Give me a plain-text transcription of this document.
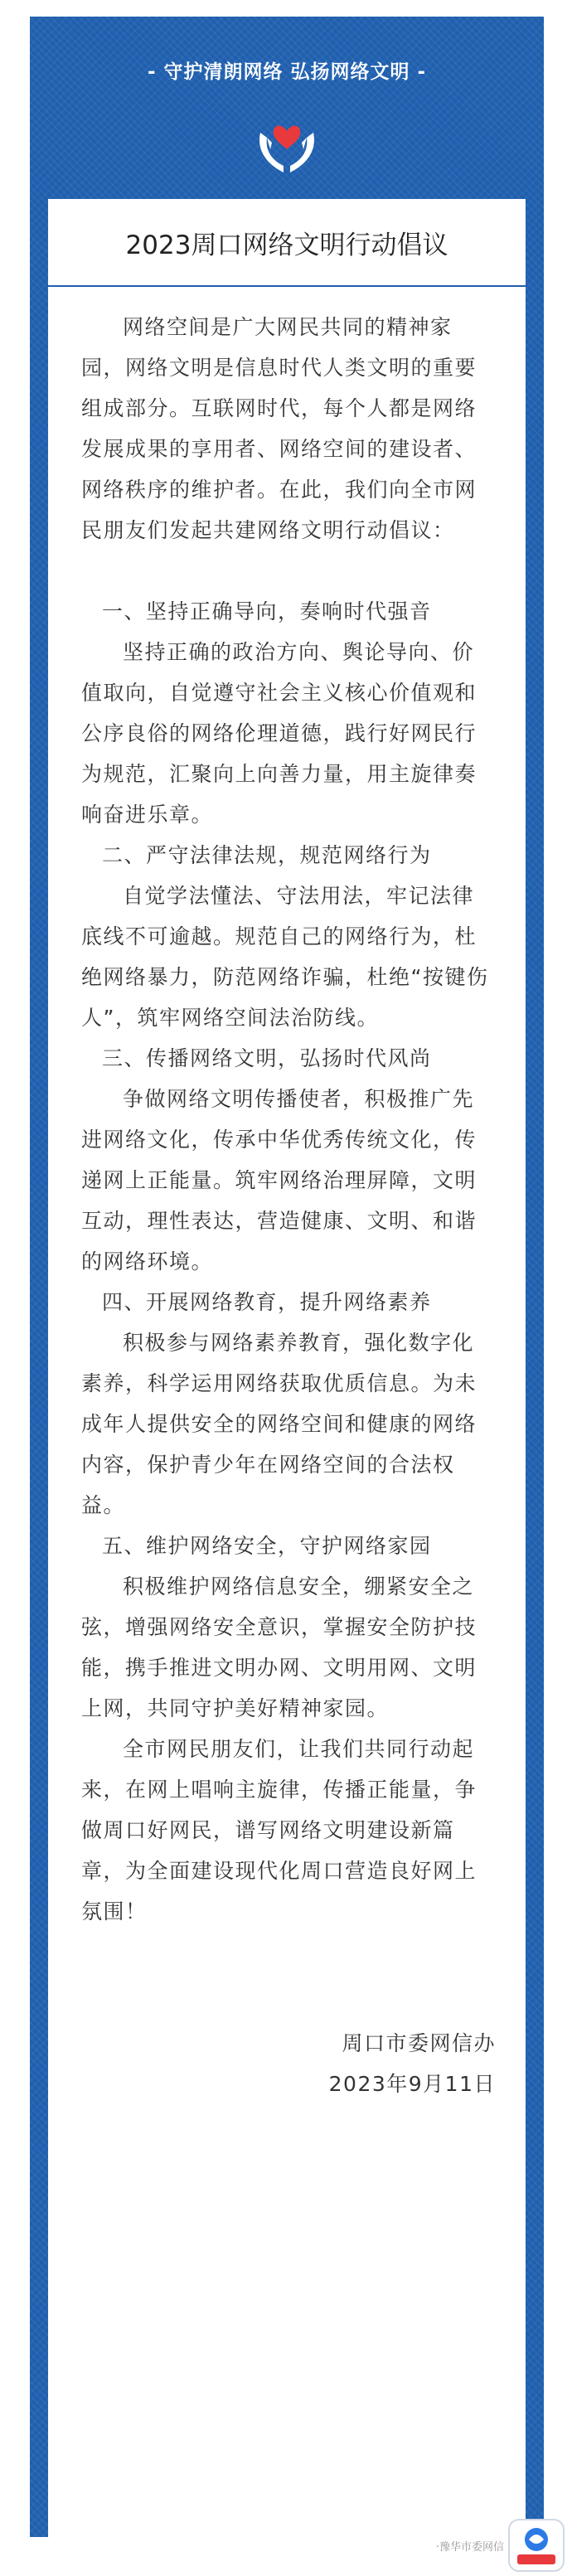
- 守护清朗网络 弘扬网络文明 -
2023周口网络文明行动倡议

网络空间是广大网民共同的精神家园，网络文明是信息时代人类文明的重要组成部分。互联网时代，每个人都是网络发展成果的享用者、网络空间的建设者、网络秩序的维护者。在此，我们向全市网民朋友们发起共建网络文明行动倡议：

一、坚持正确导向，奏响时代强音

坚持正确的政治方向、舆论导向、价值取向，自觉遵守社会主义核心价值观和公序良俗的网络伦理道德，践行好网民行为规范，汇聚向上向善力量，用主旋律奏响奋进乐章。

二、严守法律法规，规范网络行为

自觉学法懂法、守法用法，牢记法律底线不可逾越。规范自己的网络行为，杜绝网络暴力，防范网络诈骗，杜绝“按键伤人”，筑牢网络空间法治防线。

三、传播网络文明，弘扬时代风尚

争做网络文明传播使者，积极推广先进网络文化，传承中华优秀传统文化，传递网上正能量。筑牢网络治理屏障，文明互动，理性表达，营造健康、文明、和谐的网络环境。

四、开展网络教育，提升网络素养

积极参与网络素养教育，强化数字化素养，科学运用网络获取优质信息。为未成年人提供安全的网络空间和健康的网络内容，保护青少年在网络空间的合法权益。

五、维护网络安全，守护网络家园

积极维护网络信息安全，绷紧安全之弦，增强网络安全意识，掌握安全防护技能，携手推进文明办网、文明用网、文明上网，共同守护美好精神家园。

全市网民朋友们，让我们共同行动起来，在网上唱响主旋律，传播正能量，争做周口好网民，谱写网络文明建设新篇章，为全面建设现代化周口营造良好网上氛围！

周口市委网信办

2023年9月11日

·豫华市委网信
